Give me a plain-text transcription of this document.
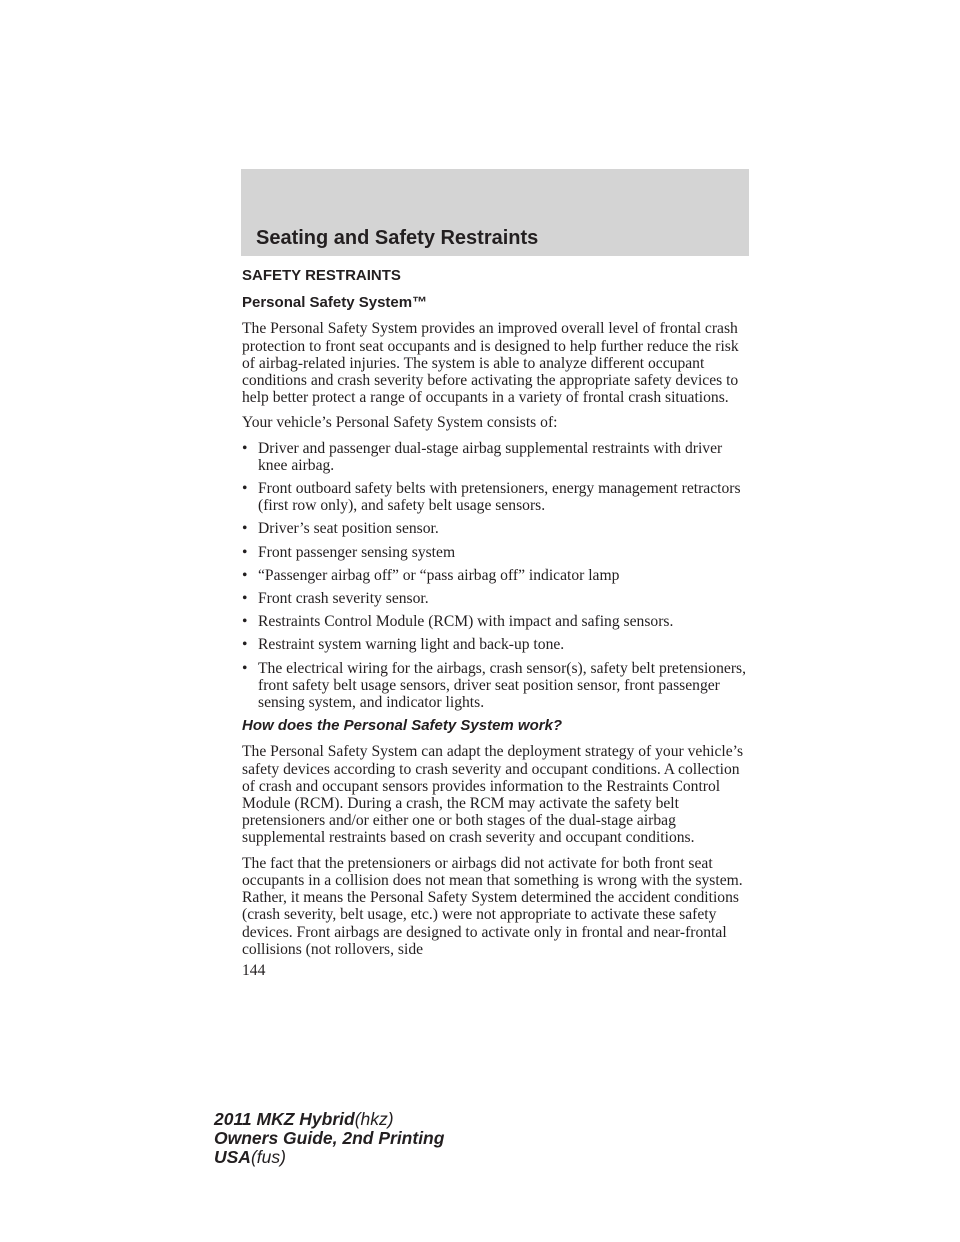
Seating and Safety Restraints
SAFETY RESTRAINTS
Personal Safety System™

The Personal Safety System provides an improved overall level of frontal crash protection to front seat occupants and is designed to help further reduce the risk of airbag-related injuries. The system is able to analyze different occupant conditions and crash severity before activating the appropriate safety devices to help better protect a range of occupants in a variety of frontal crash situations.

Your vehicle’s Personal Safety System consists of:

• Driver and passenger dual-stage airbag supplemental restraints with driver knee airbag.
• Front outboard safety belts with pretensioners, energy management retractors (first row only), and safety belt usage sensors.
• Driver’s seat position sensor.
• Front passenger sensing system
• “Passenger airbag off” or “pass airbag off” indicator lamp
• Front crash severity sensor.
• Restraints Control Module (RCM) with impact and safing sensors.
• Restraint system warning light and back-up tone.
• The electrical wiring for the airbags, crash sensor(s), safety belt pretensioners, front safety belt usage sensors, driver seat position sensor, front passenger sensing system, and indicator lights.
How does the Personal Safety System work?

The Personal Safety System can adapt the deployment strategy of your vehicle’s safety devices according to crash severity and occupant conditions. A collection of crash and occupant sensors provides information to the Restraints Control Module (RCM). During a crash, the RCM may activate the safety belt pretensioners and/or either one or both stages of the dual-stage airbag supplemental restraints based on crash severity and occupant conditions.

The fact that the pretensioners or airbags did not activate for both front seat occupants in a collision does not mean that something is wrong with the system. Rather, it means the Personal Safety System determined the accident conditions (crash severity, belt usage, etc.) were not appropriate to activate these safety devices. Front airbags are designed to activate only in frontal and near-frontal collisions (not rollovers, side

144
2011 MKZ Hybrid(hkz)
Owners Guide, 2nd Printing
USA(fus)
